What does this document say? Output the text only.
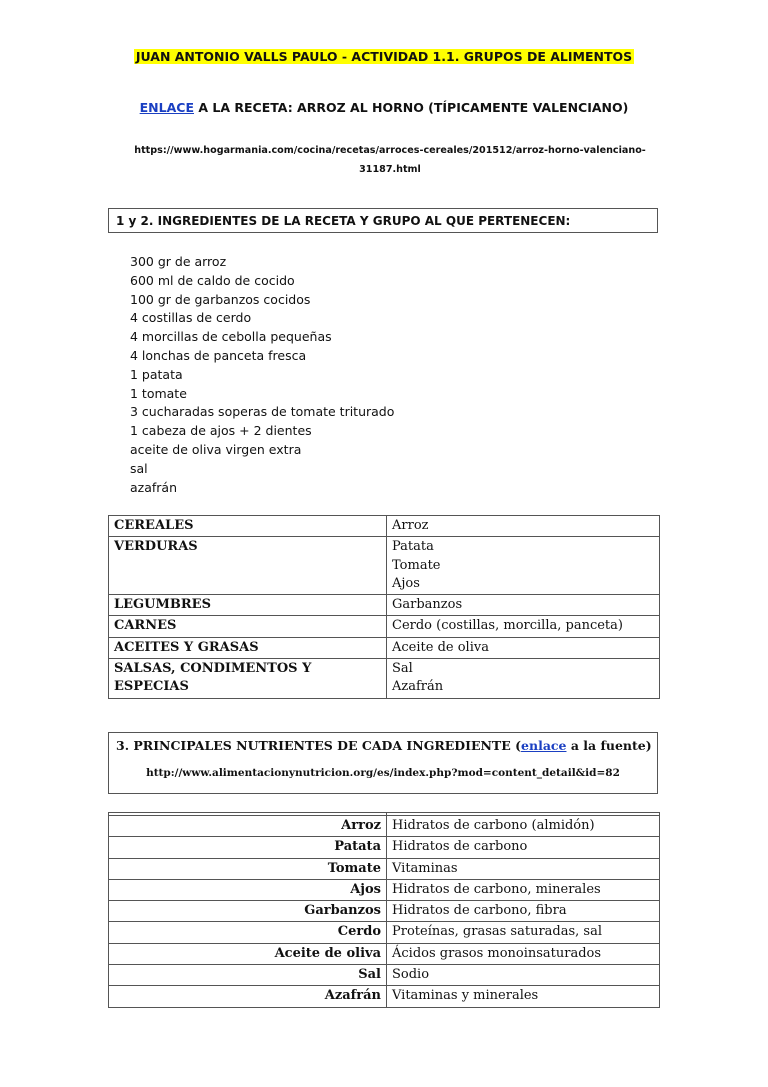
JUAN ANTONIO VALLS PAULO - ACTIVIDAD 1.1. GRUPOS DE ALIMENTOS
ENLACE A LA RECETA: ARROZ AL HORNO (TÍPICAMENTE VALENCIANO)
https://www.hogarmania.com/cocina/recetas/arroces-cereales/201512/arroz-horno-valenciano-31187.html
1 y 2. INGREDIENTES DE LA RECETA Y GRUPO AL QUE PERTENECEN:
300 gr de arroz
600 ml de caldo de cocido
100 gr de garbanzos cocidos
4 costillas de cerdo
4 morcillas de cebolla pequeñas
4 lonchas de panceta fresca
1 patata
1 tomate
3 cucharadas soperas de tomate triturado
1 cabeza de ajos + 2 dientes
aceite de oliva virgen extra
sal
azafrán
CEREALES	Arroz

VERDURAS	Patata
Tomate
Ajos

LEGUMBRES	Garbanzos

CARNES	Cerdo (costillas, morcilla, panceta)

ACEITES Y GRASAS	Aceite de oliva

SALSAS, CONDIMENTOS Y ESPECIAS	Sal
Azafrán
3. PRINCIPALES NUTRIENTES DE CADA INGREDIENTE (enlace a la fuente)
http://www.alimentacionynutricion.org/es/index.php?mod=content_detail&id=82

Arroz	Hidratos de carbono (almidón)
Patata	Hidratos de carbono
Tomate	Vitaminas
Ajos	Hidratos de carbono, minerales
Garbanzos	Hidratos de carbono, fibra
Cerdo	Proteínas, grasas saturadas, sal
Aceite de oliva	Ácidos grasos monoinsaturados
Sal	Sodio
Azafrán	Vitaminas y minerales
